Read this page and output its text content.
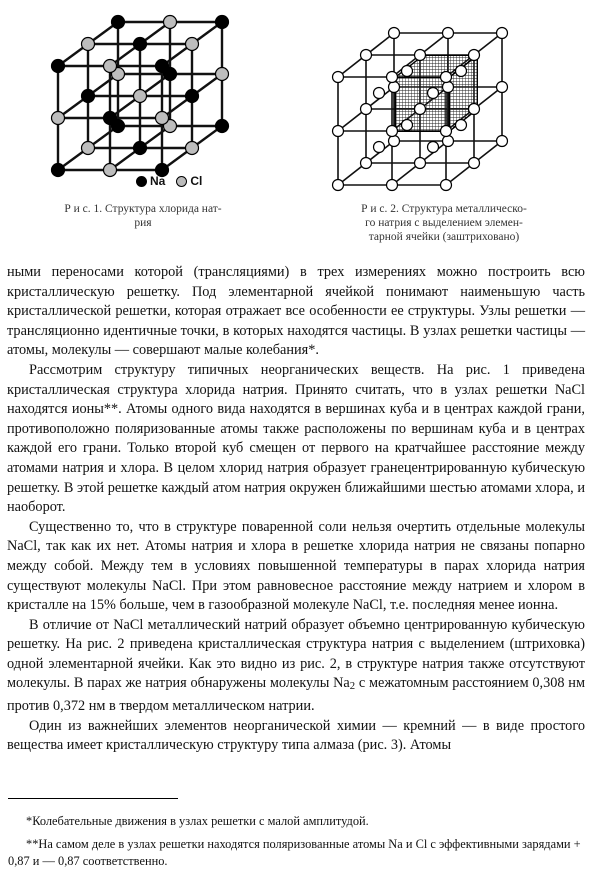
Na Cl
Р и с. 1. Структура хлорида нат-
рия
Р и с. 2. Структура металлическо-
го натрия с выделением элемен-
тарной ячейки (заштриховано)

ными переносами которой (трансляциями) в трех измерениях можно построить всю кристаллическую решетку. Под элементарной ячейкой понимают наименьшую часть кристаллической решетки, которая отражает все особенности ее структуры. Узлы решетки — трансляционно идентичные точки, в которых находятся частицы. В узлах решетки частицы — атомы, молекулы — совершают малые колебания*.

Рассмотрим структуру типичных неорганических веществ. На рис. 1 приведена кристаллическая структура хлорида натрия. Принято считать, что в узлах решетки NaCl находятся ионы**. Атомы одного вида находятся в вершинах куба и в центрах каждой грани, противоположно поляризованные атомы также расположены по вершинам куба и в центрах каждой его грани. Только второй куб смещен от первого на кратчайшее расстояние между атомами натрия и хлора. В целом хлорид натрия образует гранецентрированную кубическую решетку. В этой решетке каждый атом натрия окружен ближайшими шестью атомами хлора, и наоборот.

Существенно то, что в структуре поваренной соли нельзя очертить отдельные молекулы NaCl, так как их нет. Атомы натрия и хлора в решетке хлорида натрия не связаны попарно между собой. Между тем в условиях повышенной температуры в парах хлорида натрия существуют молекулы NaCl. При этом равновесное расстояние между натрием и хлором в кристалле на 15% больше, чем в газообразной молекуле NaCl, т.е. последняя менее ионна.

В отличие от NaCl металлический натрий образует объемно центрированную кубическую решетку. На рис. 2 приведена кристаллическая структура натрия с выделением (штриховка) одной элементарной ячейки. Как это видно из рис. 2, в структуре натрия также отсутствуют молекулы. В парах же натрия обнаружены молекулы Na2 с межатомным расстоянием 0,308 нм против 0,372 нм в твердом металлическом натрии.

Один из важнейших элементов неорганической химии — кремний — в виде простого вещества имеет кристаллическую структуру типа алмаза (рис. 3). Атомы

*Колебательные движения в узлах решетки с малой амплитудой.

**На самом деле в узлах решетки находятся поляризованные атомы Na и Cl с эффективными зарядами + 0,87 и — 0,87 соответственно.
